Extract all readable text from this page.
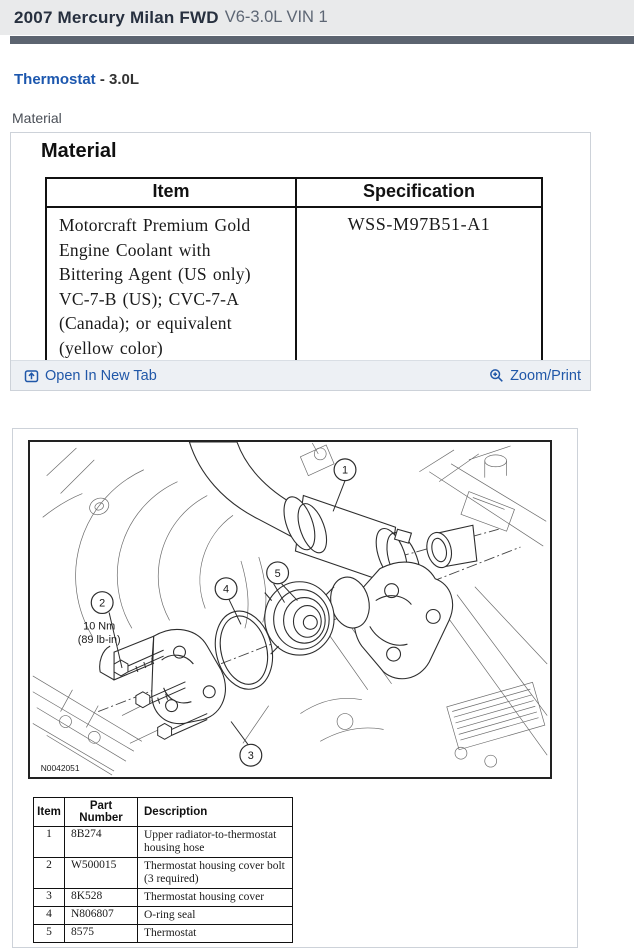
2007 Mercury Milan FWD V6-3.0L VIN 1
Thermostat - 3.0L
Material
Material
Item	Specification
Motorcraft Premium Gold Engine Coolant with Bittering Agent (US only) VC-7-B (US); CVC-7-A (Canada); or equivalent (yellow color)	WSS-M97B51-A1
Open In New Tab	Zoom/Print
1
2
3
4
5
10 Nm
(89 lb-in)
N0042051
Item	Part Number	Description
1	8B274	Upper radiator-to-thermostat housing hose
2	W500015	Thermostat housing cover bolt (3 required)
3	8K528	Thermostat housing cover
4	N806807	O-ring seal
5	8575	Thermostat
